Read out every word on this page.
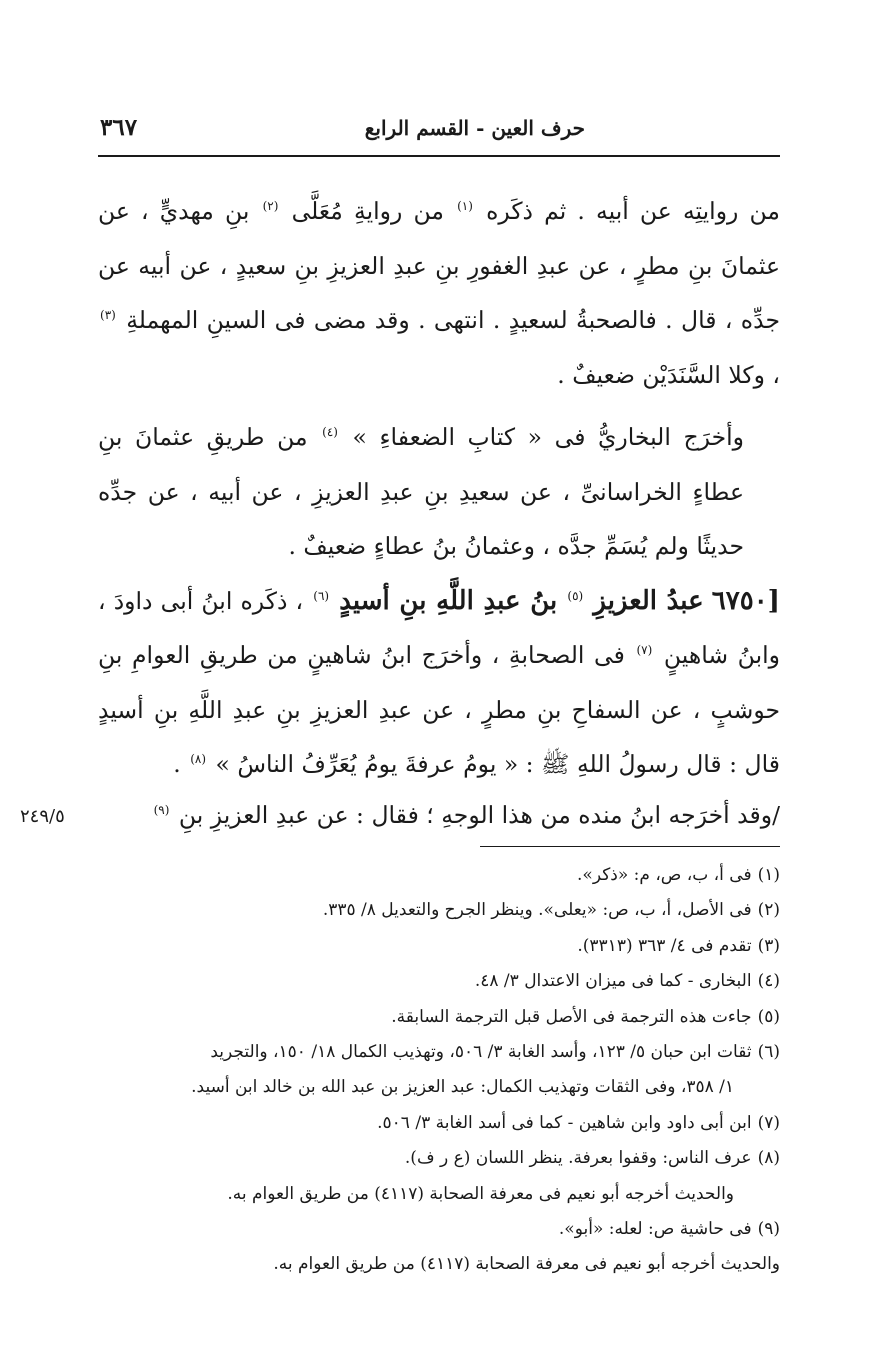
حرف العين - القسم الرابع
٣٦٧

من روايتِه عن أبيه . ثم ذكَره $^{(١)}$ من روايةِ مُعَلَّى $^{(٢)}$ بنِ مهديٍّ ، عن عثمانَ بنِ مطرٍ ، عن عبدِ الغفورِ بنِ عبدِ العزيزِ بنِ سعيدٍ ، عن أبيه عن جدِّه ، قال . فالصحبةُ لسعيدٍ . انتهى . وقد مضى فى السينِ المهملةِ $^{(٣)}$ ، وكلا السَّنَدَيْن ضعيفٌ .

وأخرَج البخاريُّ فى « كتابِ الضعفاءِ » $^{(٤)}$ من طريقِ عثمانَ بنِ عطاءٍ الخراسانىِّ ، عن سعيدِ بنِ عبدِ العزيزِ ، عن أبيه ، عن جدِّه حديثًا ولم يُسَمِّ جدَّه ، وعثمانُ بنُ عطاءٍ ضعيفٌ .

[٦٧٥٠ عبدُ العزيزِ $^{(٥)}$ بنُ عبدِ اللَّهِ بنِ أسيدٍ $^{(٦)}$ ، ذكَره ابنُ أبى داودَ ، وابنُ شاهينٍ $^{(٧)}$ فى الصحابةِ ، وأخرَج ابنُ شاهينٍ من طريقِ العوامِ بنِ حوشبٍ ، عن السفاحِ بنِ مطرٍ ، عن عبدِ العزيزِ بنِ عبدِ اللَّهِ بنِ أسيدٍ قال : قال رسولُ اللهِ ﷺ : « يومُ عرفةَ يومُ يُعَرِّفُ الناسُ » $^{(٨)}$ .

/وقد أخرَجه ابنُ منده من هذا الوجهِ ؛ فقال : عن عبدِ العزيزِ بنِ $^{(٩)}$
٢٤٩/٥

(١)فى أ، ب، ص، م: «ذكر».

(٢)فى الأصل، أ، ب، ص: «يعلى». وينظر الجرح والتعديل ٨/ ٣٣٥.

(٣)تقدم فى ٤/ ٣٦٣ (٣٣١٣).

(٤)البخارى - كما فى ميزان الاعتدال ٣/ ٤٨.

(٥)جاءت هذه الترجمة فى الأصل قبل الترجمة السابقة.

(٦)ثقات ابن حبان ٥/ ١٢٣، وأسد الغابة ٣/ ٥٠٦، وتهذيب الكمال ١٨/ ١٥٠، والتجريد

١/ ٣٥٨، وفى الثقات وتهذيب الكمال: عبد العزيز بن عبد الله بن خالد ابن أسيد.

(٧)ابن أبى داود وابن شاهين - كما فى أسد الغابة ٣/ ٥٠٦.

(٨)عرف الناس: وقفوا بعرفة. ينظر اللسان (ع ر ف).

والحديث أخرجه أبو نعيم فى معرفة الصحابة (٤١١٧) من طريق العوام به.

(٩)فى حاشية ص: لعله: «أبو».

والحديث أخرجه أبو نعيم فى معرفة الصحابة (٤١١٧) من طريق العوام به.
